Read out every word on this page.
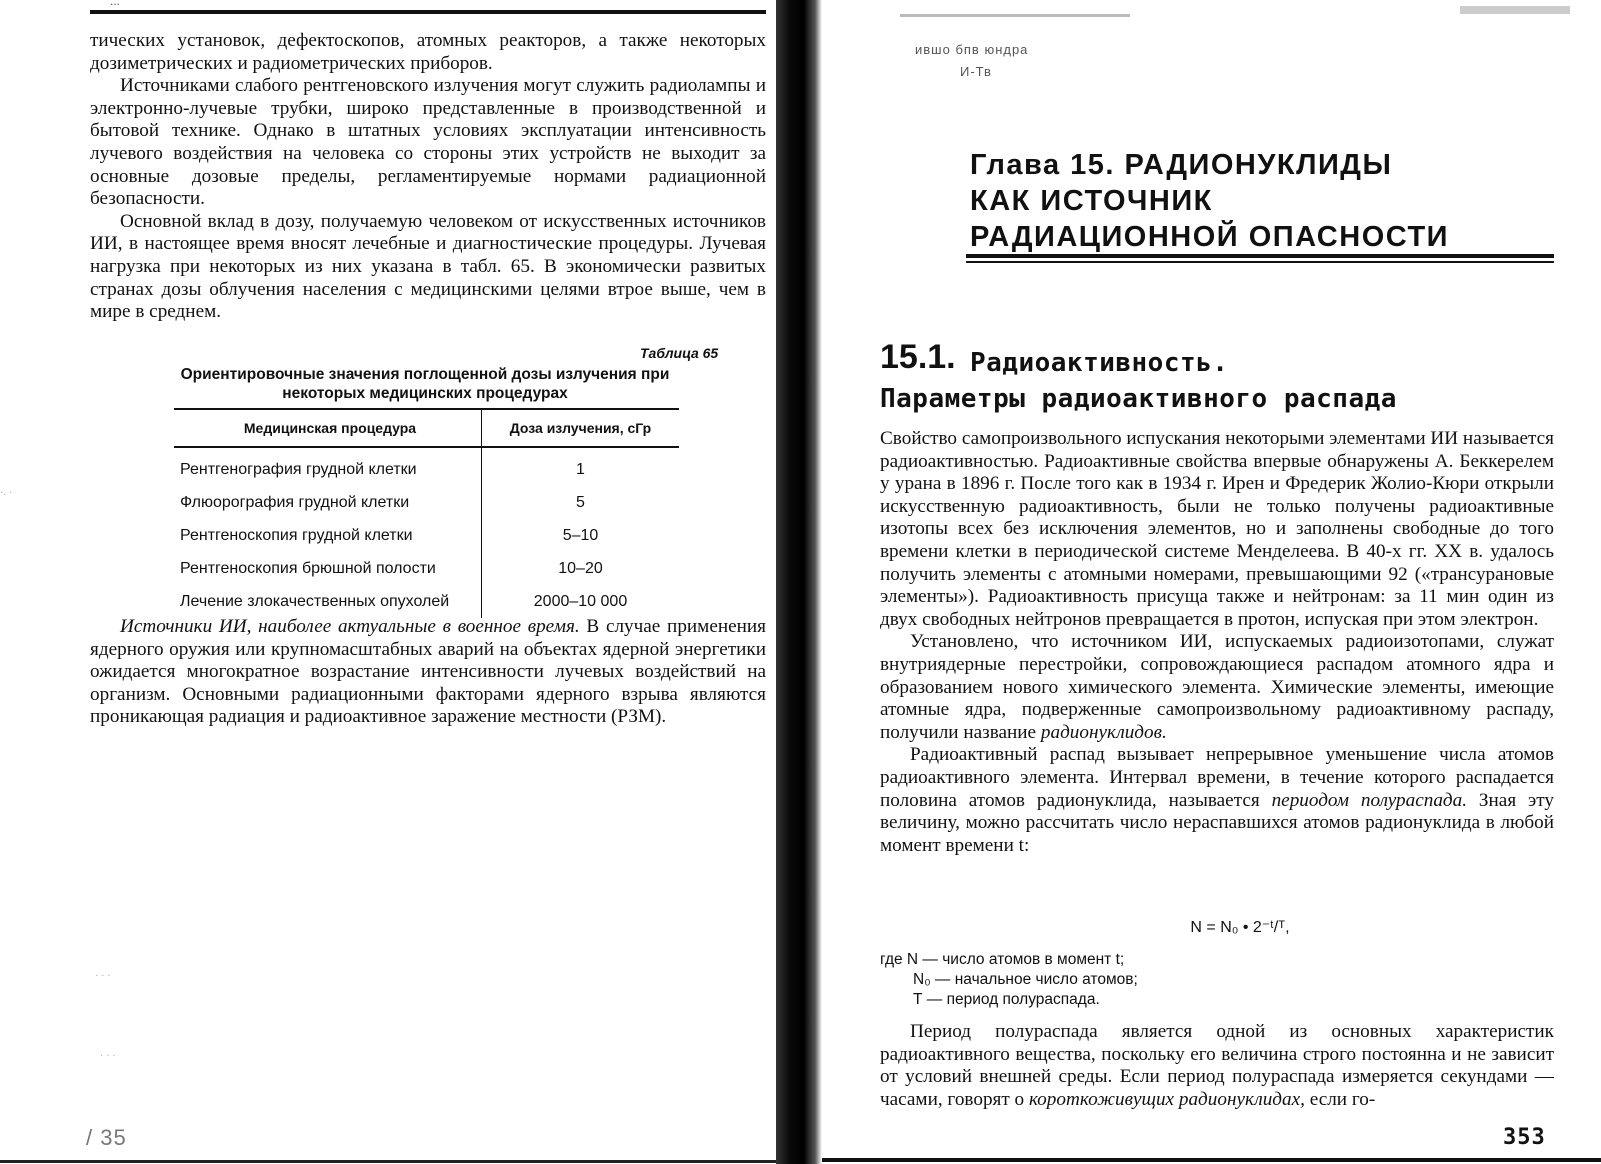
...

тических установок, дефектоскопов, атомных реакторов, а также некоторых дозиметрических и радиометрических приборов.

Источниками слабого рентгеновского излучения могут служить радиолампы и электронно-лучевые трубки, широко представленные в производственной и бытовой технике. Однако в штатных условиях эксплуатации интенсивность лучевого воздействия на человека со стороны этих устройств не выходит за основные дозовые пределы, регламентируемые нормами радиационной безопасности.

Основной вклад в дозу, получаемую человеком от искусственных источников ИИ, в настоящее время вносят лечебные и диагностические процедуры. Лучевая нагрузка при некоторых из них указана в табл. 65. В экономически развитых странах дозы облучения населения с медицинскими целями втрое выше, чем в мире в среднем.

Таблица 65
Ориентировочные значения поглощенной дозы излучения при некоторых медицинских процедурах
Медицинская процедура	Доза излучения, сГр
Рентгенография грудной клетки	1
Флюорография грудной клетки	5
Рентгеноскопия грудной клетки	5–10
Рентгеноскопия брюшной полости	10–20
Лечение злокачественных опухолей	2000–10 000

Источники ИИ, наиболее актуальные в военное время. В случае применения ядерного оружия или крупномасштабных аварий на объектах ядерной энергетики ожидается многократное возрастание интенсивности лучевых воздействий на организм. Основными радиационными факторами ядерного взрыва являются проникающая радиация и радиоактивное заражение местности (РЗМ).

·. ·
· · ·
· · ·
/ 35
ившо бпв юндра
И-Тв
Глава 15. РАДИОНУКЛИДЫ
КАК ИСТОЧНИК
РАДИАЦИОННОЙ ОПАСНОСТИ
15.1. Радиоактивность.
Параметры радиоактивного распада

Свойство самопроизвольного испускания некоторыми элементами ИИ называется радиоактивностью. Радиоактивные свойства впервые обнаружены А. Беккерелем у урана в 1896 г. После того как в 1934 г. Ирен и Фредерик Жолио-Кюри открыли искусственную радиоактивность, были не только получены радиоактивные изотопы всех без исключения элементов, но и заполнены свободные до того времени клетки в периодической системе Менделеева. В 40-х гг. XX в. удалось получить элементы с атомными номерами, превышающими 92 («трансурановые элементы»). Радиоактивность присуща также и нейтронам: за 11 мин один из двух свободных нейтронов превращается в протон, испуская при этом электрон.

Установлено, что источником ИИ, испускаемых радиоизотопами, служат внутриядерные перестройки, сопровождающиеся распадом атомного ядра и образованием нового химического элемента. Химические элементы, имеющие атомные ядра, подверженные самопроизвольному радиоактивному распаду, получили название радионуклидов.

Радиоактивный распад вызывает непрерывное уменьшение числа атомов радиоактивного элемента. Интервал времени, в течение которого распадается половина атомов радионуклида, называется периодом полураспада. Зная эту величину, можно рассчитать число нераспавшихся атомов радионуклида в любой момент времени t:

N = N₀ • 2⁻ᵗ/ᵀ,
где N — число атомов в момент t;
N₀ — начальное число атомов;
Т — период полураспада.

Период полураспада является одной из основных характеристик радиоактивного вещества, поскольку его величина строго постоянна и не зависит от условий внешней среды. Если период полураспада измеряется секундами — часами, говорят о короткоживущих радионуклидах, если го-

353
